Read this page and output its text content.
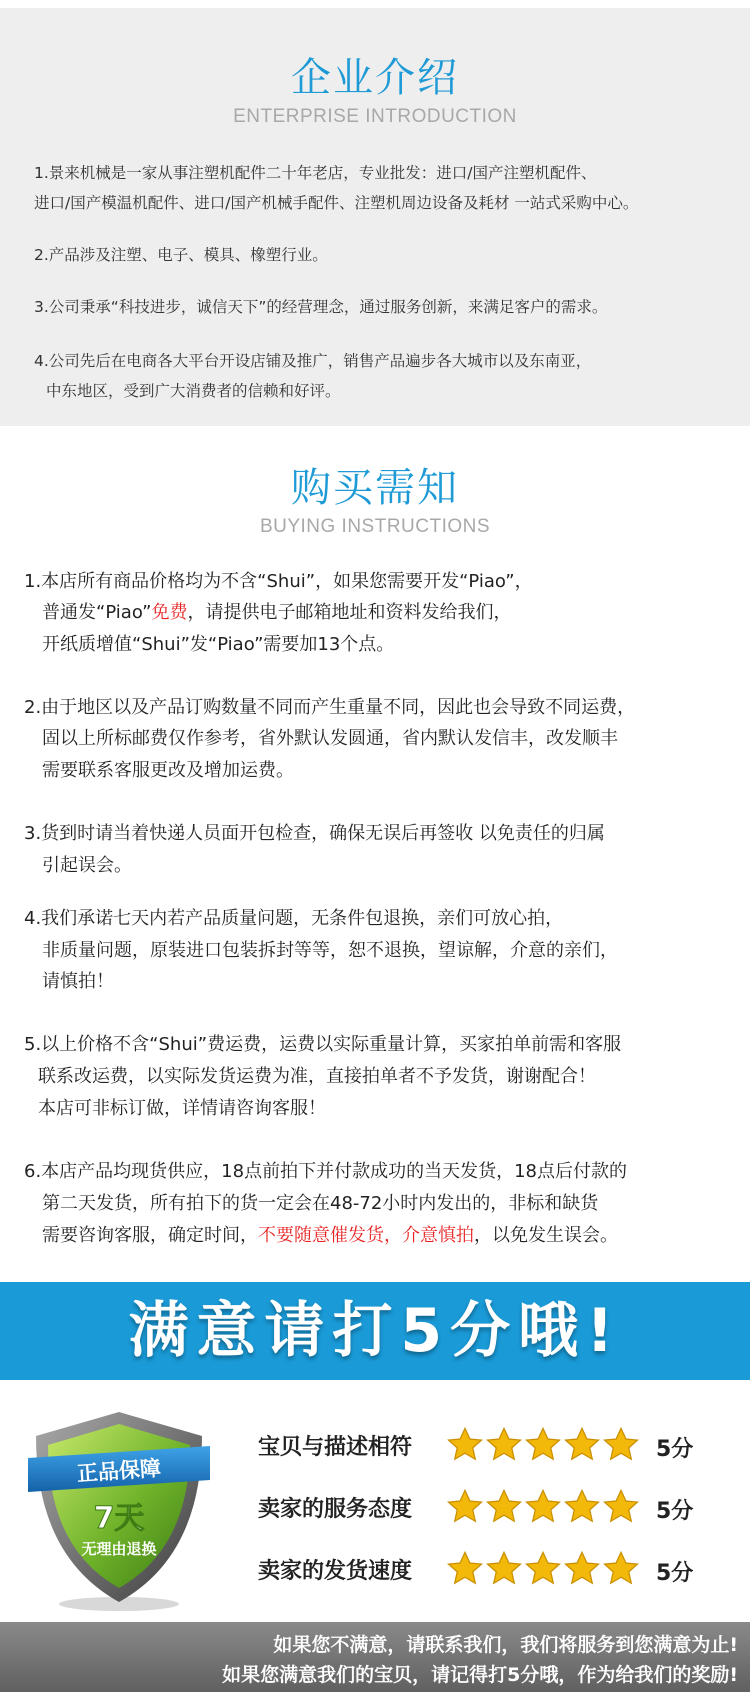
企业介绍
ENTERPRISE INTRODUCTION
1.景来机械是一家从事注塑机配件二十年老店，专业批发：进口/国产注塑机配件、
进口/国产模温机配件、进口/国产机械手配件、注塑机周边设备及耗材 一站式采购中心。
2.产品涉及注塑、电子、模具、橡塑行业。
3.公司秉承“科技进步，诚信天下”的经营理念，通过服务创新，来满足客户的需求。
4.公司先后在电商各大平台开设店铺及推广，销售产品遍步各大城市以及东南亚，
中东地区，受到广大消费者的信赖和好评。
购买需知
BUYING INSTRUCTIONS
1.本店所有商品价格均为不含“Shui”，如果您需要开发“Piao”，
普通发“Piao”免费，请提供电子邮箱地址和资料发给我们，
开纸质增值“Shui”发“Piao”需要加13个点。
2.由于地区以及产品订购数量不同而产生重量不同，因此也会导致不同运费，
固以上所标邮费仅作参考，省外默认发圆通，省内默认发信丰，改发顺丰
需要联系客服更改及增加运费。
3.货到时请当着快递人员面开包检查，确保无误后再签收 以免责任的归属
引起误会。
4.我们承诺七天内若产品质量问题，无条件包退换，亲们可放心拍，
非质量问题，原装进口包装拆封等等，恕不退换，望谅解，介意的亲们，
请慎拍！
5.以上价格不含“Shui”费运费，运费以实际重量计算，买家拍单前需和客服
联系改运费，以实际发货运费为准，直接拍单者不予发货，谢谢配合！
本店可非标订做，详情请咨询客服！
6.本店产品均现货供应，18点前拍下并付款成功的当天发货，18点后付款的
第二天发货，所有拍下的货一定会在48-72小时内发出的，非标和缺货
需要咨询客服，确定时间，不要随意催发货，介意慎拍，以免发生误会。
满意请打5分哦!
正品保障
7天
无理由退换
宝贝与描述相符	5分
卖家的服务态度	5分
卖家的发货速度	5分
如果您不满意，请联系我们，我们将服务到您满意为止!
如果您满意我们的宝贝，请记得打5分哦，作为给我们的奖励!
